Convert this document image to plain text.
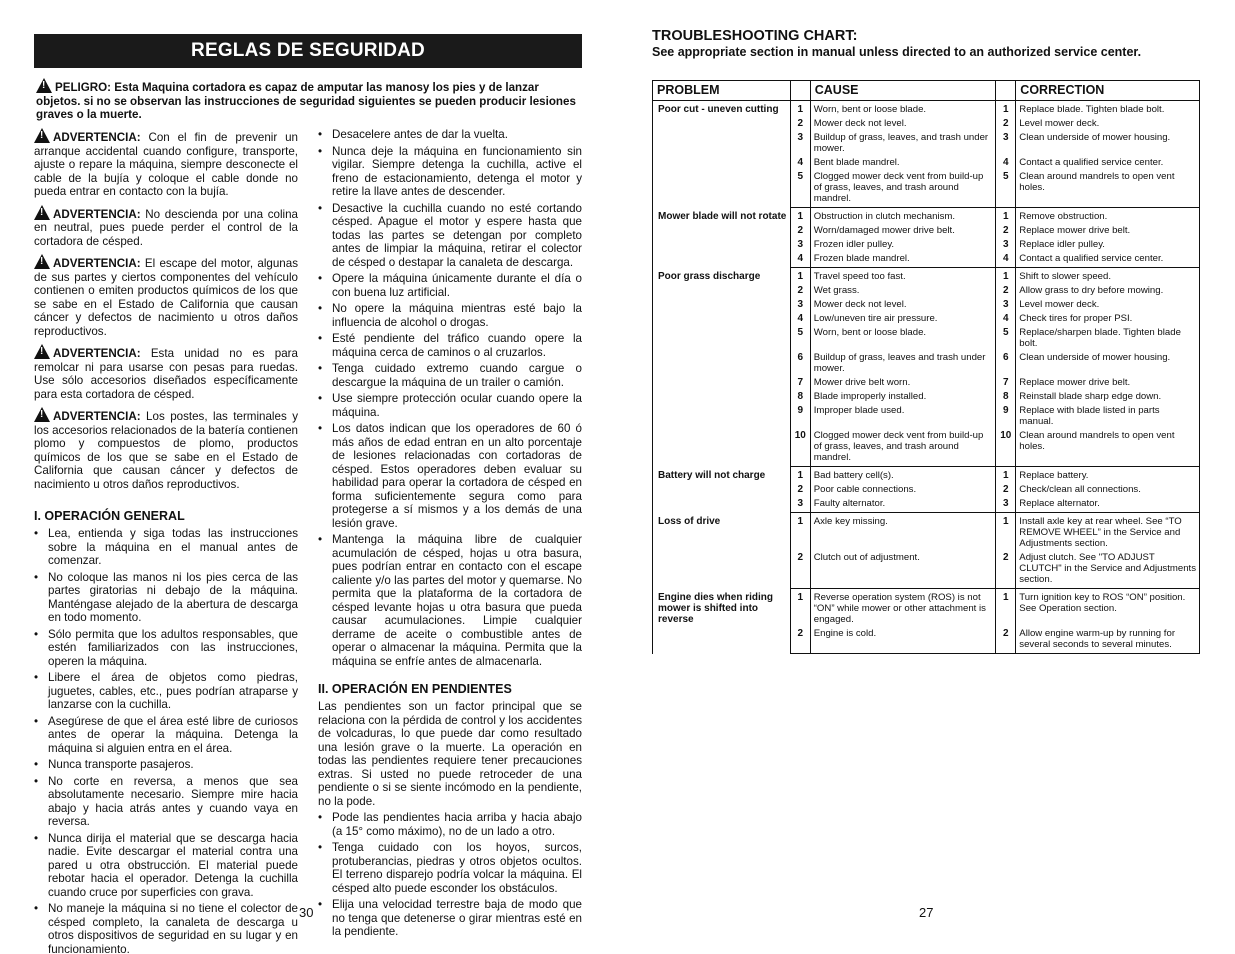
REGLAS DE SEGURIDAD
!PELIGRO: Esta Maquina cortadora es capaz de amputar las manosy los pies y de lanzar objetos. si no se observan las instrucciones de seguridad siguientes se pueden producir lesiones graves o la muerte.
!ADVERTENCIA: Con el fin de prevenir un arranque accidental cuando configure, transporte, ajuste o repare la máquina, siempre desconecte el cable de la bujía y coloque el cable donde no pueda entrar en contacto con la bujía.
!ADVERTENCIA: No descienda por una colina en neutral, pues puede perder el control de la cortadora de césped.
!ADVERTENCIA: El escape del motor, algunas de sus partes y ciertos componentes del vehículo contienen o emiten productos químicos de los que se sabe en el Estado de California que causan cáncer y defectos de nacimiento u otros daños reproductivos.
!ADVERTENCIA: Esta unidad no es para remolcar ni para usarse con pesas para ruedas. Use sólo accesorios diseñados específicamente para esta cortadora de césped.
!ADVERTENCIA: Los postes, las terminales y los accesorios relacionados de la batería contienen plomo y compuestos de plomo, productos químicos de los que se sabe en el Estado de California que causan cáncer y defectos de nacimiento u otros daños reproductivos.
I. OPERACIÓN GENERAL
• Lea, entienda y siga todas las instrucciones sobre la máquina en el manual antes de comenzar.
• No coloque las manos ni los pies cerca de las partes giratorias ni debajo de la máquina. Manténgase alejado de la abertura de descarga en todo momento.
• Sólo permita que los adultos responsables, que estén familiarizados con las instrucciones, operen la máquina.
• Libere el área de objetos como piedras, juguetes, cables, etc., pues podrían atraparse y lanzarse con la cuchilla.
• Asegúrese de que el área esté libre de curiosos antes de operar la máquina. Detenga la máquina si alguien entra en el área.
• Nunca transporte pasajeros.
• No corte en reversa, a menos que sea absolutamente necesario. Siempre mire hacia abajo y hacia atrás antes y cuando vaya en reversa.
• Nunca dirija el material que se descarga hacia nadie. Evite descargar el material contra una pared u otra obstrucción. El material puede rebotar hacia el operador. Detenga la cuchilla cuando cruce por superficies con grava.
• No maneje la máquina si no tiene el colector de césped completo, la canaleta de descarga u otros dispositivos de seguridad en su lugar y en funcionamiento.
• Desacelere antes de dar la vuelta.
• Nunca deje la máquina en funcionamiento sin vigilar. Siempre detenga la cuchilla, active el freno de estacionamiento, detenga el motor y retire la llave antes de descender.
• Desactive la cuchilla cuando no esté cortando césped. Apague el motor y espere hasta que todas las partes se detengan por completo antes de limpiar la máquina, retirar el colector de césped o destapar la canaleta de descarga.
• Opere la máquina únicamente durante el día o con buena luz artificial.
• No opere la máquina mientras esté bajo la influencia de alcohol o drogas.
• Esté pendiente del tráfico cuando opere la máquina cerca de caminos o al cruzarlos.
• Tenga cuidado extremo cuando cargue o descargue la máquina de un trailer o camión.
• Use siempre protección ocular cuando opere la máquina.
• Los datos indican que los operadores de 60 ó más años de edad entran en un alto porcentaje de lesiones relacionadas con cortadoras de césped. Estos operadores deben evaluar su habilidad para operar la cortadora de césped en forma suficientemente segura como para protegerse a sí mismos y a los demás de una lesión grave.
• Mantenga la máquina libre de cualquier acumulación de césped, hojas u otra basura, pues podrían entrar en contacto con el escape caliente y/o las partes del motor y quemarse. No permita que la plataforma de la cortadora de césped levante hojas u otra basura que pueda causar acumulaciones. Limpie cualquier derrame de aceite o combustible antes de operar o almacenar la máquina. Permita que la máquina se enfríe antes de almacenarla.
II. OPERACIÓN EN PENDIENTES
Las pendientes son un factor principal que se relaciona con la pérdida de control y los accidentes de volcaduras, lo que puede dar como resultado una lesión grave o la muerte. La operación en todas las pendientes requiere tener precauciones extras. Si usted no puede retroceder de una pendiente o si se siente incómodo en la pendiente, no la pode.
• Pode las pendientes hacia arriba y hacia abajo (a 15° como máximo), no de un lado a otro.
• Tenga cuidado con los hoyos, surcos, protuberancias, piedras y otros objetos ocultos. El terreno disparejo podría volcar la máquina. El césped alto puede esconder los obstáculos.
• Elija una velocidad terrestre baja de modo que no tenga que detenerse o girar mientras esté en la pendiente.
30
TROUBLESHOOTING CHART:
See appropriate section in manual unless directed to an authorized service center.
PROBLEM		CAUSE		CORRECTION
Poor cut - uneven cutting	1	Worn, bent or loose blade.	1	Replace blade. Tighten blade bolt.
	2	Mower deck not level.	2	Level mower deck.
	3	Buildup of grass, leaves, and trash under mower.	3	Clean underside of mower housing.
	4	Bent blade mandrel.	4	Contact a qualified service center.
	5	Clogged mower deck vent from build-up of grass, leaves, and trash around mandrel.	5	Clean around mandrels to open vent holes.
Mower blade will not rotate	1	Obstruction in clutch mechanism.	1	Remove obstruction.
	2	Worn/damaged mower drive belt.	2	Replace mower drive belt.
	3	Frozen idler pulley.	3	Replace idler pulley.
	4	Frozen blade mandrel.	4	Contact a qualified service center.
Poor grass discharge	1	Travel speed too fast.	1	Shift to slower speed.
	2	Wet grass.	2	Allow grass to dry before mowing.
	3	Mower deck not level.	3	Level mower deck.
	4	Low/uneven tire air pressure.	4	Check tires for proper PSI.
	5	Worn, bent or loose blade.	5	Replace/sharpen blade. Tighten blade bolt.
	6	Buildup of grass, leaves and trash under mower.	6	Clean underside of mower housing.
	7	Mower drive belt worn.	7	Replace mower drive belt.
	8	Blade improperly installed.	8	Reinstall blade sharp edge down.
	9	Improper blade used.	9	Replace with blade listed in parts manual.
	10	Clogged mower deck vent from build-up of grass, leaves, and trash around mandrel.	10	Clean around mandrels to open vent holes.
Battery will not charge	1	Bad battery cell(s).	1	Replace battery.
	2	Poor cable connections.	2	Check/clean all connections.
	3	Faulty alternator.	3	Replace alternator.
Loss of drive	1	Axle key missing.	1	Install axle key at rear wheel. See “TO REMOVE WHEEL” in the Service and Adjustments section.
	2	Clutch out of adjustment.	2	Adjust clutch. See "TO ADJUST CLUTCH" in the Service and Adjustments section.
Engine dies when riding mower is shifted into reverse	1	Reverse operation system (ROS) is not “ON” while mower or other attachment is engaged.	1	Turn ignition key to ROS “ON” position. See Operation section.
	2	Engine is cold.	2	Allow engine warm-up by running for several seconds to several minutes.
27
